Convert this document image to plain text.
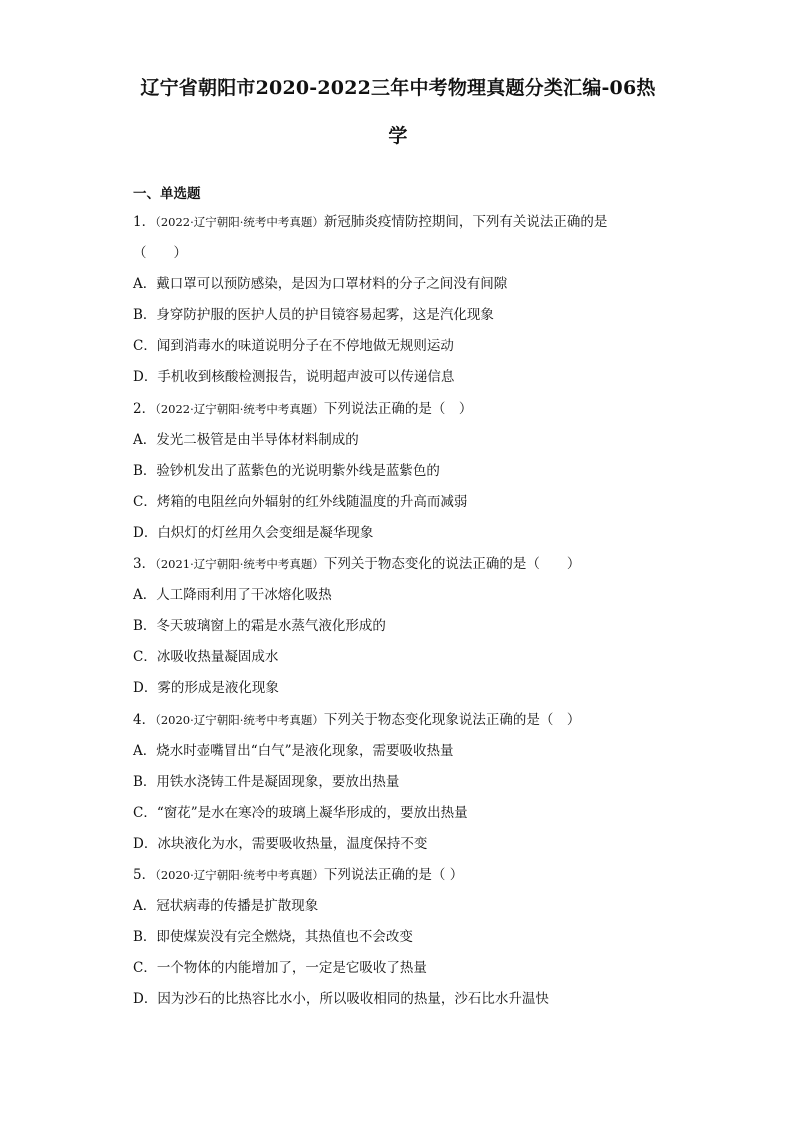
辽宁省朝阳市2020-2022三年中考物理真题分类汇编-06热
学
一、单选题
1．（2022·辽宁朝阳·统考中考真题）新冠肺炎疫情防控期间，下列有关说法正确的是
（　　）
A．戴口罩可以预防感染，是因为口罩材料的分子之间没有间隙
B．身穿防护服的医护人员的护目镜容易起雾，这是汽化现象
C．闻到消毒水的味道说明分子在不停地做无规则运动
D．手机收到核酸检测报告，说明超声波可以传递信息
2．（2022·辽宁朝阳·统考中考真题）下列说法正确的是（　）
A．发光二极管是由半导体材料制成的
B．验钞机发出了蓝紫色的光说明紫外线是蓝紫色的
C．烤箱的电阻丝向外辐射的红外线随温度的升高而减弱
D．白炽灯的灯丝用久会变细是凝华现象
3．（2021·辽宁朝阳·统考中考真题）下列关于物态变化的说法正确的是（　　）
A．人工降雨利用了干冰熔化吸热
B．冬天玻璃窗上的霜是水蒸气液化形成的
C．冰吸收热量凝固成水
D．雾的形成是液化现象
4．（2020·辽宁朝阳·统考中考真题）下列关于物态变化现象说法正确的是（　）
A．烧水时壶嘴冒出“白气”是液化现象，需要吸收热量
B．用铁水浇铸工件是凝固现象，要放出热量
C．“窗花”是水在寒冷的玻璃上凝华形成的，要放出热量
D．冰块液化为水，需要吸收热量，温度保持不变
5．（2020·辽宁朝阳·统考中考真题）下列说法正确的是（ ）
A．冠状病毒的传播是扩散现象
B．即使煤炭没有完全燃烧，其热值也不会改变
C．一个物体的内能增加了，一定是它吸收了热量
D．因为沙石的比热容比水小，所以吸收相同的热量，沙石比水升温快
